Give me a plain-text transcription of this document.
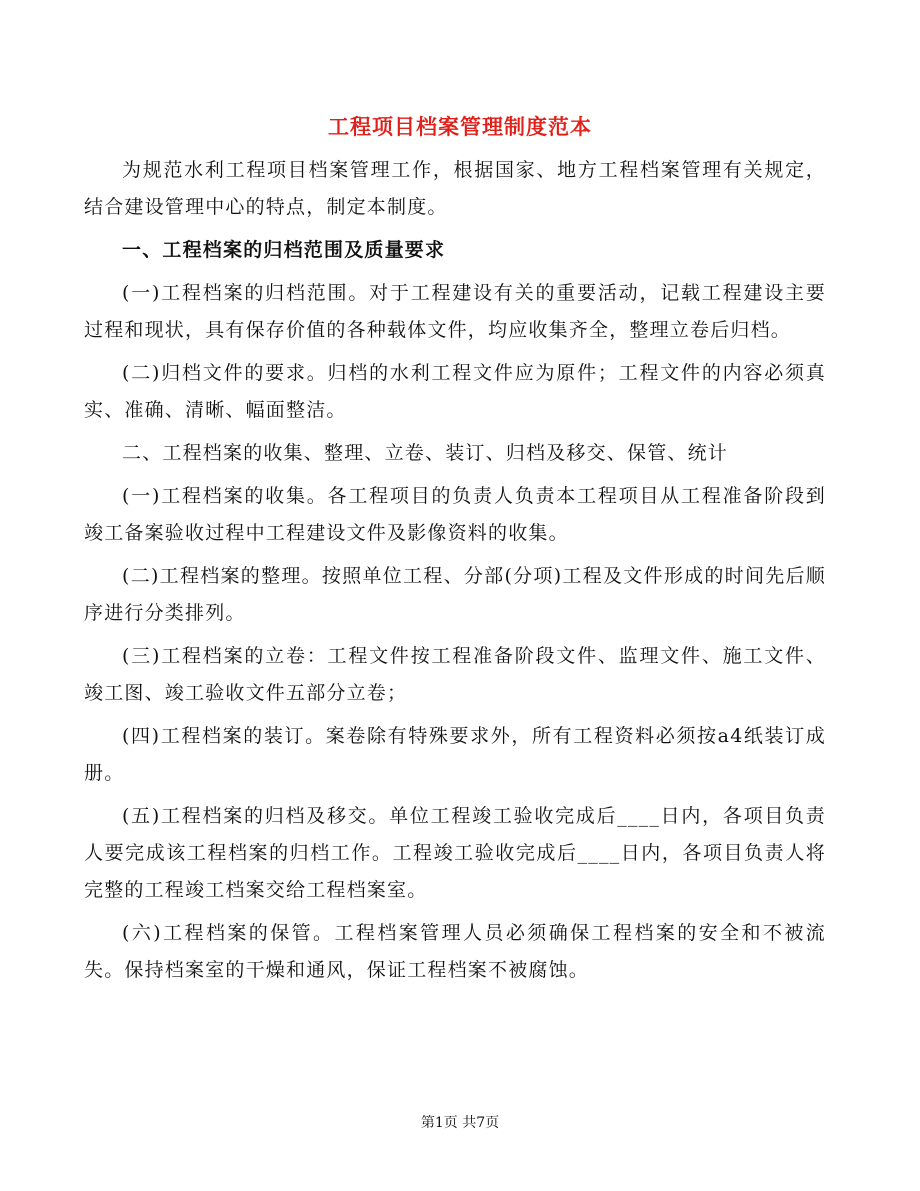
工程项目档案管理制度范本

为规范水利工程项目档案管理工作，根据国家、地方工程档案管理有关规定，结合建设管理中心的特点，制定本制度。

一、工程档案的归档范围及质量要求

(一)工程档案的归档范围。对于工程建设有关的重要活动，记载工程建设主要过程和现状，具有保存价值的各种载体文件，均应收集齐全，整理立卷后归档。

(二)归档文件的要求。归档的水利工程文件应为原件；工程文件的内容必须真实、准确、清晰、幅面整洁。

二、工程档案的收集、整理、立卷、装订、归档及移交、保管、统计

(一)工程档案的收集。各工程项目的负责人负责本工程项目从工程准备阶段到竣工备案验收过程中工程建设文件及影像资料的收集。

(二)工程档案的整理。按照单位工程、分部(分项)工程及文件形成的时间先后顺序进行分类排列。

(三)工程档案的立卷：工程文件按工程准备阶段文件、监理文件、施工文件、竣工图、竣工验收文件五部分立卷；

(四)工程档案的装订。案卷除有特殊要求外，所有工程资料必须按a4纸装订成册。

(五)工程档案的归档及移交。单位工程竣工验收完成后____日内，各项目负责人要完成该工程档案的归档工作。工程竣工验收完成后____日内，各项目负责人将完整的工程竣工档案交给工程档案室。

(六)工程档案的保管。工程档案管理人员必须确保工程档案的安全和不被流失。保持档案室的干燥和通风，保证工程档案不被腐蚀。

第1页 共7页
